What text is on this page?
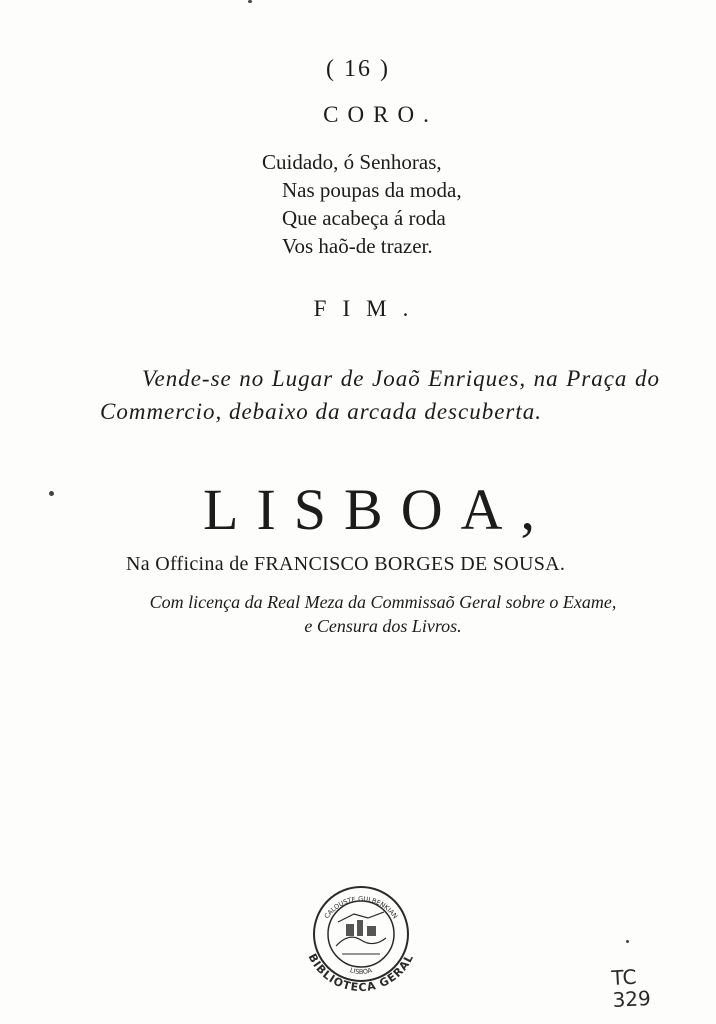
( 16 )
CORO.
Cuidado, ó Senhoras,
Nas poupas da moda,
Que acabeça á roda
Vos haõ-de trazer.
FIM.
Vende-se no Lugar de Joaõ Enriques, na Praça do Commercio, debaixo da arcada descuberta.
LISBOA,
Na Officina de FRANCISCO BORGES DE SOUSA.
Com licença da Real Meza da Commissaõ Geral sobre o Exame,
e Censura dos Livros.
BIBLIOTECA GERAL
CALOUSTE GULBENKIAN
LISBOA	TC
329
